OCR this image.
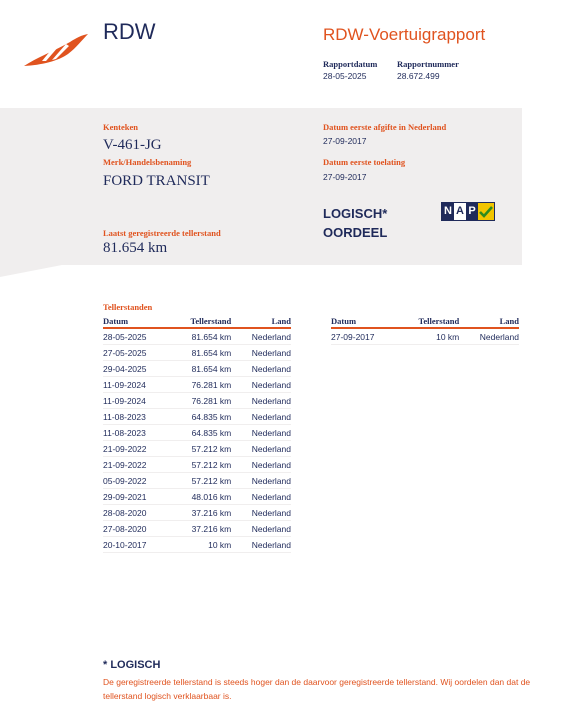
RDW	RDW-Voertuigrapport
Rapportdatum
28-05-2025
Rapportnummer
28.672.499
Kenteken
V-461-JG
Merk/Handelsbenaming
FORD TRANSIT
Datum eerste afgifte in Nederland
27-09-2017
Datum eerste toelating
27-09-2017
Laatst geregistreerde tellerstand
81.654 km
LOGISCH*
OORDEEL
N A P
Tellerstanden
Datum	Tellerstand	Land
28-05-2025	81.654 km	Nederland
27-05-2025	81.654 km	Nederland
29-04-2025	81.654 km	Nederland
11-09-2024	76.281 km	Nederland
11-09-2024	76.281 km	Nederland
11-08-2023	64.835 km	Nederland
11-08-2023	64.835 km	Nederland
21-09-2022	57.212 km	Nederland
21-09-2022	57.212 km	Nederland
05-09-2022	57.212 km	Nederland
29-09-2021	48.016 km	Nederland
28-08-2020	37.216 km	Nederland
27-08-2020	37.216 km	Nederland
20-10-2017	10 km	Nederland
Datum	Tellerstand	Land
27-09-2017	10 km	Nederland
* LOGISCH
De geregistreerde tellerstand is steeds hoger dan de daarvoor geregistreerde tellerstand. Wij oordelen dan dat de tellerstand logisch verklaarbaar is.
